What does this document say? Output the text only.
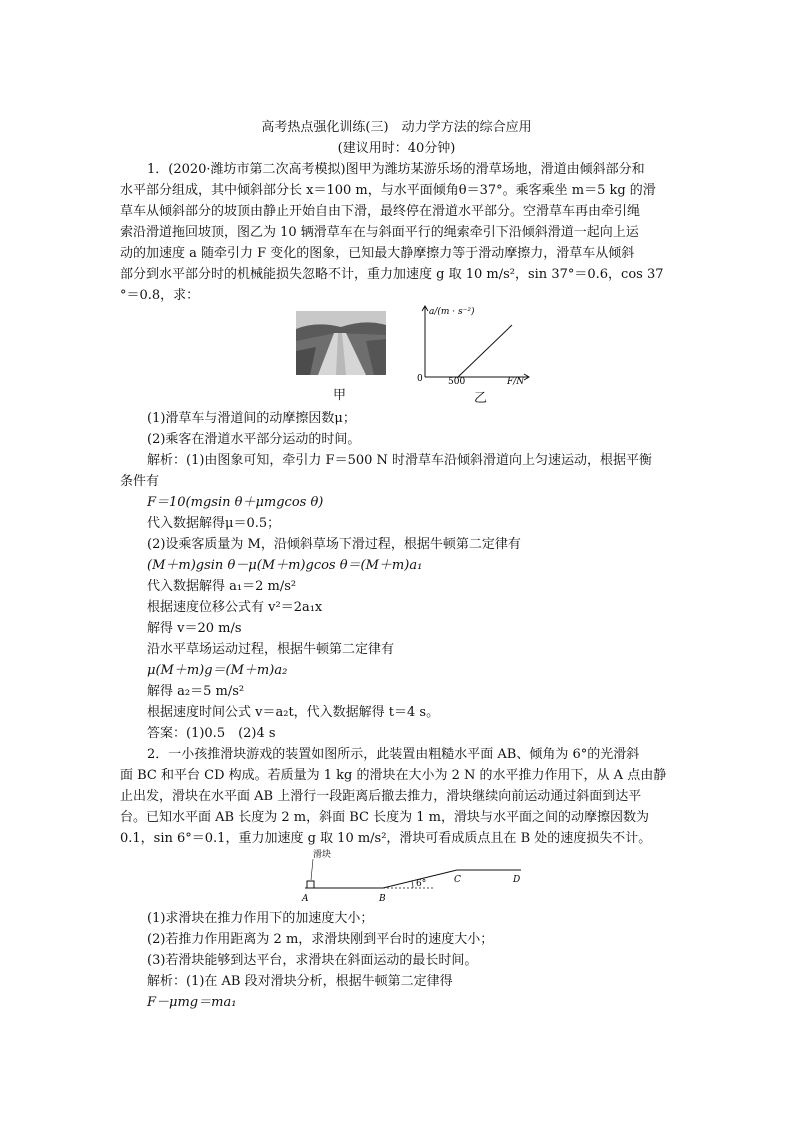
高考热点强化训练(三)　动力学方法的综合应用
(建议用时：40分钟)
1．(2020·潍坊市第二次高考模拟)图甲为潍坊某游乐场的滑草场地，滑道由倾斜部分和
水平部分组成，其中倾斜部分长 x＝100 m，与水平面倾角θ＝37°。乘客乘坐 m＝5 kg 的滑
草车从倾斜部分的坡顶由静止开始自由下滑，最终停在滑道水平部分。空滑草车再由牵引绳
索沿滑道拖回坡顶，图乙为 10 辆滑草车在与斜面平行的绳索牵引下沿倾斜滑道一起向上运
动的加速度 a 随牵引力 F 变化的图象，已知最大静摩擦力等于滑动摩擦力，滑草车从倾斜
部分到水平部分时的机械能损失忽略不计，重力加速度 g 取 10 m/s²，sin 37°＝0.6，cos 37
°＝0.8，求：
甲
a/(m · s⁻²)
F/N
0	500
乙
(1)滑草车与滑道间的动摩擦因数μ；
(2)乘客在滑道水平部分运动的时间。
解析：(1)由图象可知，牵引力 F＝500 N 时滑草车沿倾斜滑道向上匀速运动，根据平衡
条件有
F＝10(mgsin θ＋μmgcos θ)
代入数据解得μ＝0.5；
(2)设乘客质量为 M，沿倾斜草场下滑过程，根据牛顿第二定律有
(M＋m)gsin θ－μ(M＋m)gcos θ＝(M＋m)a₁
代入数据解得 a₁＝2 m/s²
根据速度位移公式有 v²＝2a₁x
解得 v＝20 m/s
沿水平草场运动过程，根据牛顿第二定律有
μ(M＋m)g＝(M＋m)a₂
解得 a₂＝5 m/s²
根据速度时间公式 v＝a₂t，代入数据解得 t＝4 s。
答案：(1)0.5　(2)4 s
2．一小孩推滑块游戏的装置如图所示，此装置由粗糙水平面 AB、倾角为 6°的光滑斜
面 BC 和平台 CD 构成。若质量为 1 kg 的滑块在大小为 2 N 的水平推力作用下，从 A 点由静
止出发，滑块在水平面 AB 上滑行一段距离后撤去推力，滑块继续向前运动通过斜面到达平
台。已知水平面 AB 长度为 2 m，斜面 BC 长度为 1 m，滑块与水平面之间的动摩擦因数为
0.1，sin 6°＝0.1，重力加速度 g 取 10 m/s²，滑块可看成质点且在 B 处的速度损失不计。
滑块
A	B
C	D
6°
(1)求滑块在推力作用下的加速度大小；
(2)若推力作用距离为 2 m，求滑块刚到平台时的速度大小；
(3)若滑块能够到达平台，求滑块在斜面运动的最长时间。
解析：(1)在 AB 段对滑块分析，根据牛顿第二定律得
F－μmg＝ma₁
